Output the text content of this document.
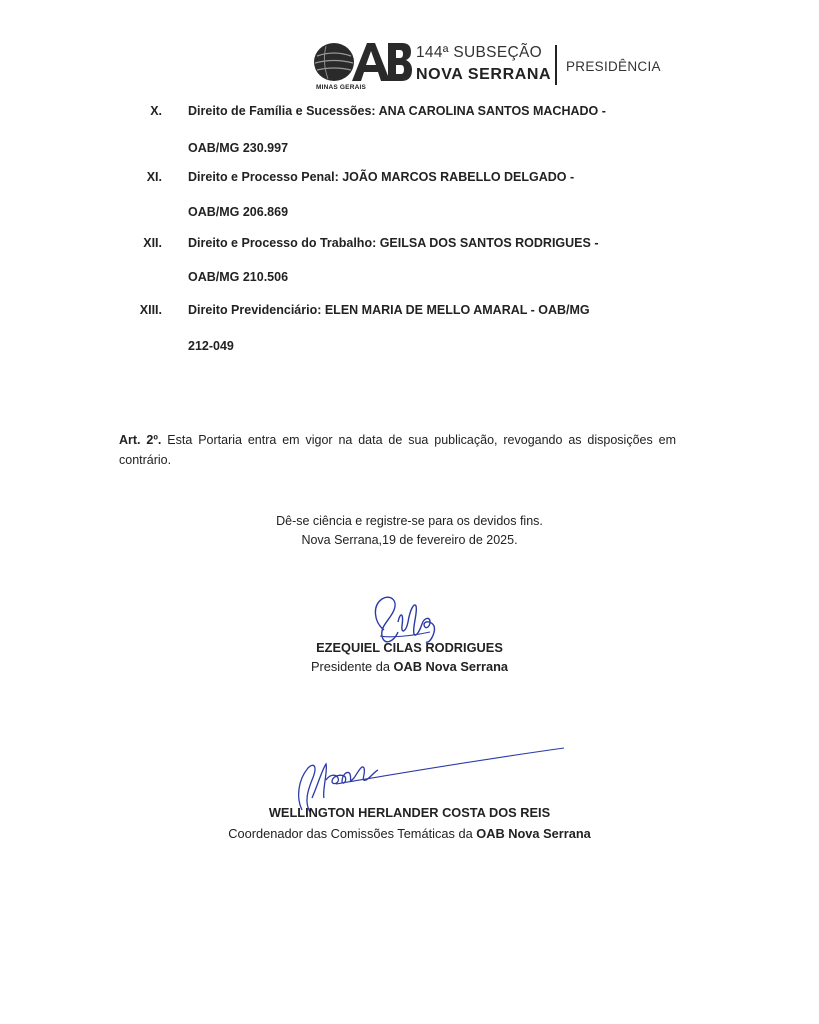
MINAS GERAIS
144ª SUBSEÇÃO
NOVA SERRANA PRESIDÊNCIA
X. Direito de Família e Sucessões: ANA CAROLINA SANTOS MACHADO -
OAB/MG 230.997
XI. Direito e Processo Penal: JOÃO MARCOS RABELLO DELGADO -
OAB/MG 206.869
XII. Direito e Processo do Trabalho: GEILSA DOS SANTOS RODRIGUES -
OAB/MG 210.506
XIII. Direito Previdenciário: ELEN MARIA DE MELLO AMARAL - OAB/MG
212-049
Art. 2º. Esta Portaria entra em vigor na data de sua publicação, revogando as disposições em contrário.
Dê-se ciência e registre-se para os devidos fins.
Nova Serrana,19 de fevereiro de 2025.
EZEQUIEL CILAS RODRIGUES
Presidente da OAB Nova Serrana
WELLINGTON HERLANDER COSTA DOS REIS
Coordenador das Comissões Temáticas da OAB Nova Serrana
